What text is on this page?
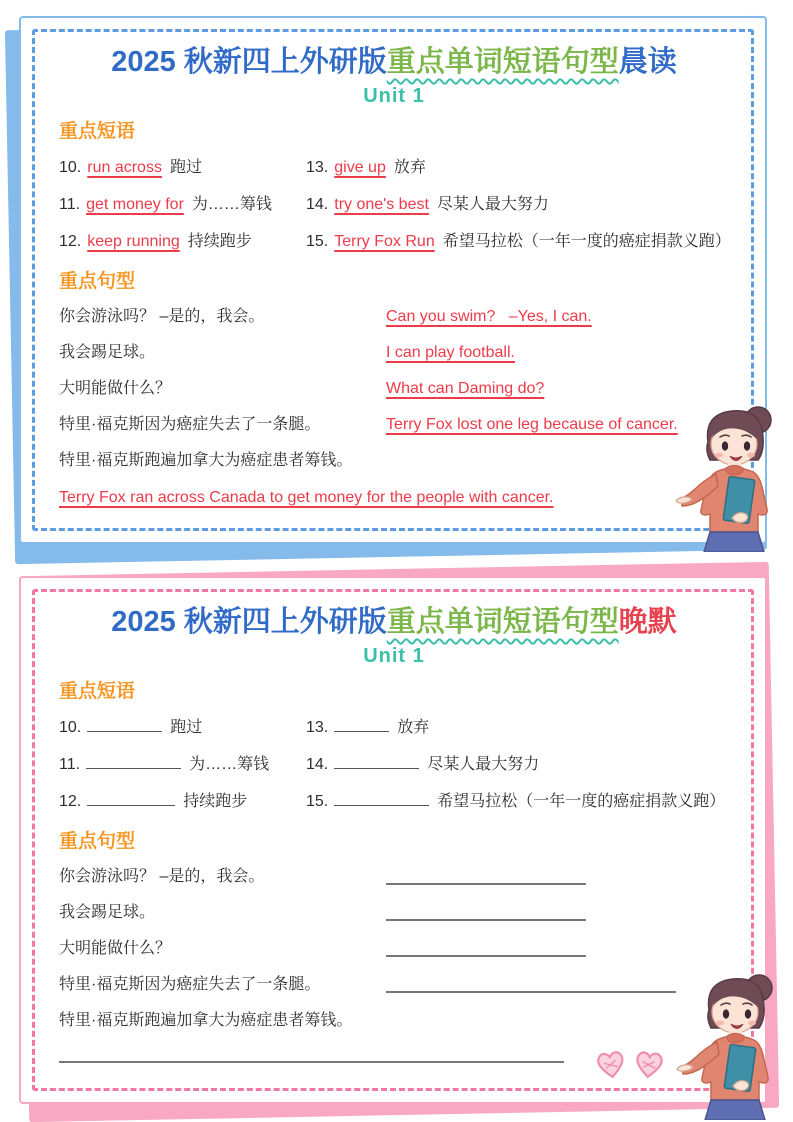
2025 秋新四上外研版重点单词短语句型晨读
Unit 1
重点短语
10. run across 跑过	13. give up 放弃
11. get money for 为……筹钱	14. try one's best 尽某人最大努力
12. keep running 持续跑步	15. Terry Fox Run 希望马拉松（一年一度的癌症捐款义跑）
重点句型
你会游泳吗？ –是的，我会。	Can you swim?   –Yes, I can.
我会踢足球。	I can play football.
大明能做什么？	What can Daming do?
特里·福克斯因为癌症失去了一条腿。	Terry Fox lost one leg because of cancer.
特里·福克斯跑遍加拿大为癌症患者筹钱。
Terry Fox ran across Canada to get money for the people with cancer.
2025 秋新四上外研版重点单词短语句型晚默
Unit 1
重点短语
10.	跑过	13.	放弃
11.	为……筹钱	14.	尽某人最大努力
12.	持续跑步	15.	希望马拉松（一年一度的癌症捐款义跑）
重点句型
你会游泳吗？ –是的，我会。
我会踢足球。
大明能做什么？
特里·福克斯因为癌症失去了一条腿。
特里·福克斯跑遍加拿大为癌症患者筹钱。
